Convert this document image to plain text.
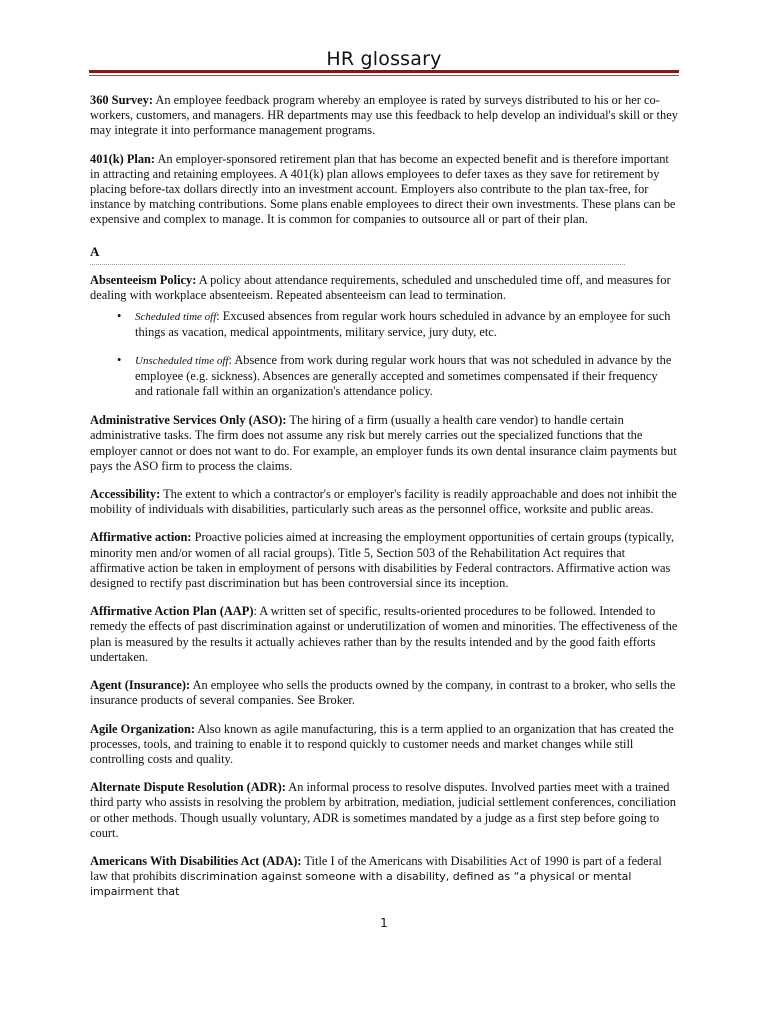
HR glossary

360 Survey: An employee feedback program whereby an employee is rated by surveys distributed to his or her co-workers, customers, and managers. HR departments may use this feedback to help develop an individual's skill or they may integrate it into performance management programs.

401(k) Plan: An employer-sponsored retirement plan that has become an expected benefit and is therefore important in attracting and retaining employees. A 401(k) plan allows employees to defer taxes as they save for retirement by placing before-tax dollars directly into an investment account. Employers also contribute to the plan tax-free, for instance by matching contributions. Some plans enable employees to direct their own investments. These plans can be expensive and complex to manage. It is common for companies to outsource all or part of their plan.

A

Absenteeism Policy: A policy about attendance requirements, scheduled and unscheduled time off, and measures for dealing with workplace absenteeism. Repeated absenteeism can lead to termination.

• Scheduled time off: Excused absences from regular work hours scheduled in advance by an employee for such things as vacation, medical appointments, military service, jury duty, etc.
• Unscheduled time off: Absence from work during regular work hours that was not scheduled in advance by the employee (e.g. sickness). Absences are generally accepted and sometimes compensated if their frequency and rationale fall within an organization's attendance policy.

Administrative Services Only (ASO): The hiring of a firm (usually a health care vendor) to handle certain administrative tasks. The firm does not assume any risk but merely carries out the specialized functions that the employer cannot or does not want to do. For example, an employer funds its own dental insurance claim payments but pays the ASO firm to process the claims.

Accessibility: The extent to which a contractor's or employer's facility is readily approachable and does not inhibit the mobility of individuals with disabilities, particularly such areas as the personnel office, worksite and public areas.

Affirmative action: Proactive policies aimed at increasing the employment opportunities of certain groups (typically, minority men and/or women of all racial groups). Title 5, Section 503 of the Rehabilitation Act requires that affirmative action be taken in employment of persons with disabilities by Federal contractors. Affirmative action was designed to rectify past discrimination but has been controversial since its inception.

Affirmative Action Plan (AAP): A written set of specific, results-oriented procedures to be followed. Intended to remedy the effects of past discrimination against or underutilization of women and minorities. The effectiveness of the plan is measured by the results it actually achieves rather than by the results intended and by the good faith efforts undertaken.

Agent (Insurance): An employee who sells the products owned by the company, in contrast to a broker, who sells the insurance products of several companies. See Broker.

Agile Organization: Also known as agile manufacturing, this is a term applied to an organization that has created the processes, tools, and training to enable it to respond quickly to customer needs and market changes while still controlling costs and quality.

Alternate Dispute Resolution (ADR): An informal process to resolve disputes. Involved parties meet with a trained third party who assists in resolving the problem by arbitration, mediation, judicial settlement conferences, conciliation or other methods. Though usually voluntary, ADR is sometimes mandated by a judge as a first step before going to court.

Americans With Disabilities Act (ADA): Title I of the Americans with Disabilities Act of 1990 is part of a federal law that prohibits discrimination against someone with a disability, defined as “a physical or mental impairment that

1
